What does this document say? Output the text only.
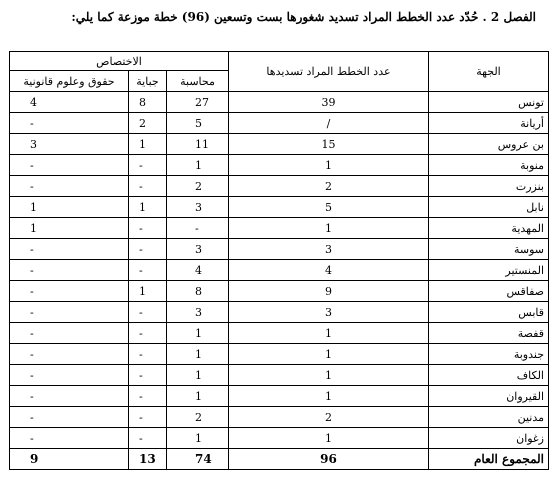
الفصل 2 . حُدّد عدد الخطط المراد تسديد شغورها بست وتسعين (96) خطة موزعة كما يلي:
الجهة	عدد الخطط المراد تسديدها	الاختصاص		
		محاسبة	جباية	حقوق وعلوم قانونية
تونس	39	27	8	4
أريانة	/	5	2	-
بن عروس	15	11	1	3
منوبة	1	1	-	-
بنزرت	2	2	-	-
نابل	5	3	1	1
المهدية	1	-	-	1
سوسة	3	3	-	-
المنستير	4	4	-	-
صفاقس	9	8	1	-
قابس	3	3	-	-
قفصة	1	1	-	-
جندوبة	1	1	-	-
الكاف	1	1	-	-
القيروان	1	1	-	-
مدنين	2	2	-	-
زغوان	1	1	-	-
المجموع العام	96	74	13	9
